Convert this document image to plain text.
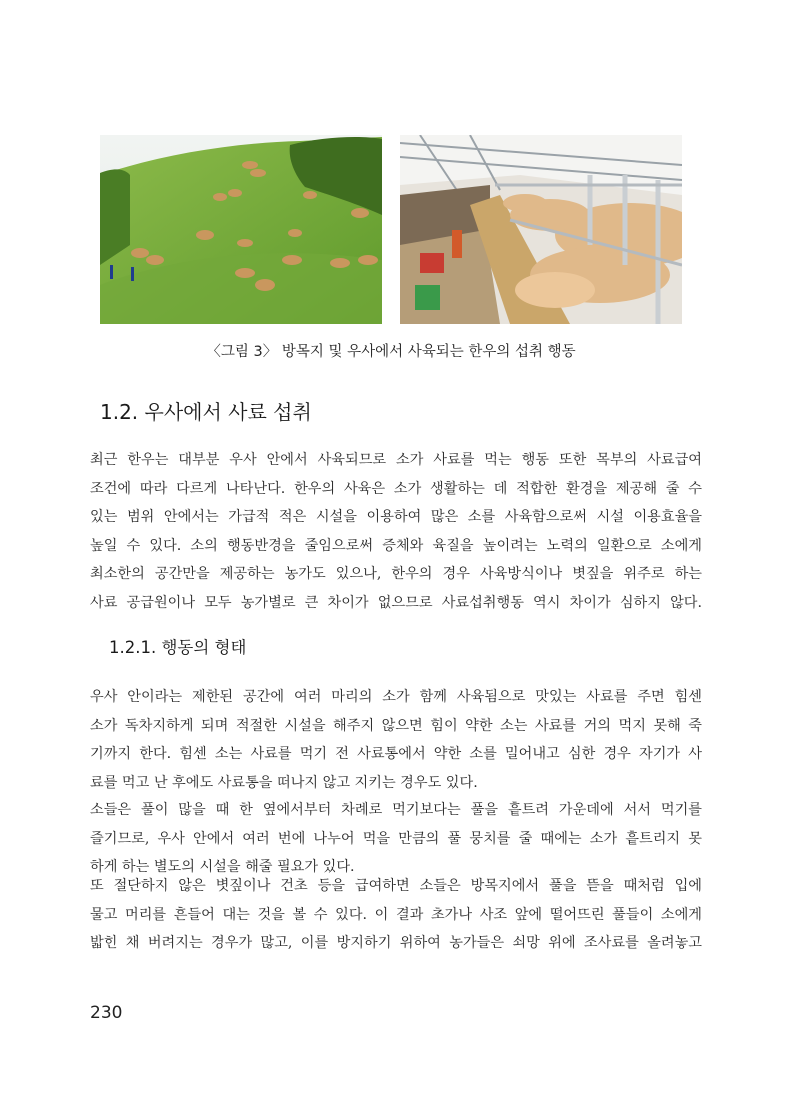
〈그림 3〉 방목지 및 우사에서 사육되는 한우의 섭취 행동
1.2. 우사에서 사료 섭취
최근 한우는 대부분 우사 안에서 사육되므로 소가 사료를 먹는 행동 또한 목부의 사료급여
조건에 따라 다르게 나타난다. 한우의 사육은 소가 생활하는 데 적합한 환경을 제공해 줄 수
있는 범위 안에서는 가급적 적은 시설을 이용하여 많은 소를 사육함으로써 시설 이용효율을
높일 수 있다. 소의 행동반경을 줄임으로써 증체와 육질을 높이려는 노력의 일환으로 소에게
최소한의 공간만을 제공하는 농가도 있으나, 한우의 경우 사육방식이나 볏짚을 위주로 하는
사료 공급원이나 모두 농가별로 큰 차이가 없으므로 사료섭취행동 역시 차이가 심하지 않다.
1.2.1. 행동의 형태
우사 안이라는 제한된 공간에 여러 마리의 소가 함께 사육됨으로 맛있는 사료를 주면 힘센
소가 독차지하게 되며 적절한 시설을 해주지 않으면 힘이 약한 소는 사료를 거의 먹지 못해 죽
기까지 한다. 힘센 소는 사료를 먹기 전 사료통에서 약한 소를 밀어내고 심한 경우 자기가 사
료를 먹고 난 후에도 사료통을 떠나지 않고 지키는 경우도 있다.
소들은 풀이 많을 때 한 옆에서부터 차례로 먹기보다는 풀을 흩트려 가운데에 서서 먹기를
즐기므로, 우사 안에서 여러 번에 나누어 먹을 만큼의 풀 뭉치를 줄 때에는 소가 흩트리지 못
하게 하는 별도의 시설을 해줄 필요가 있다.
또 절단하지 않은 볏짚이나 건초 등을 급여하면 소들은 방목지에서 풀을 뜯을 때처럼 입에
물고 머리를 흔들어 대는 것을 볼 수 있다. 이 결과 초가나 사조 앞에 떨어뜨린 풀들이 소에게
밟힌 채 버려지는 경우가 많고, 이를 방지하기 위하여 농가들은 쇠망 위에 조사료를 올려놓고
230
